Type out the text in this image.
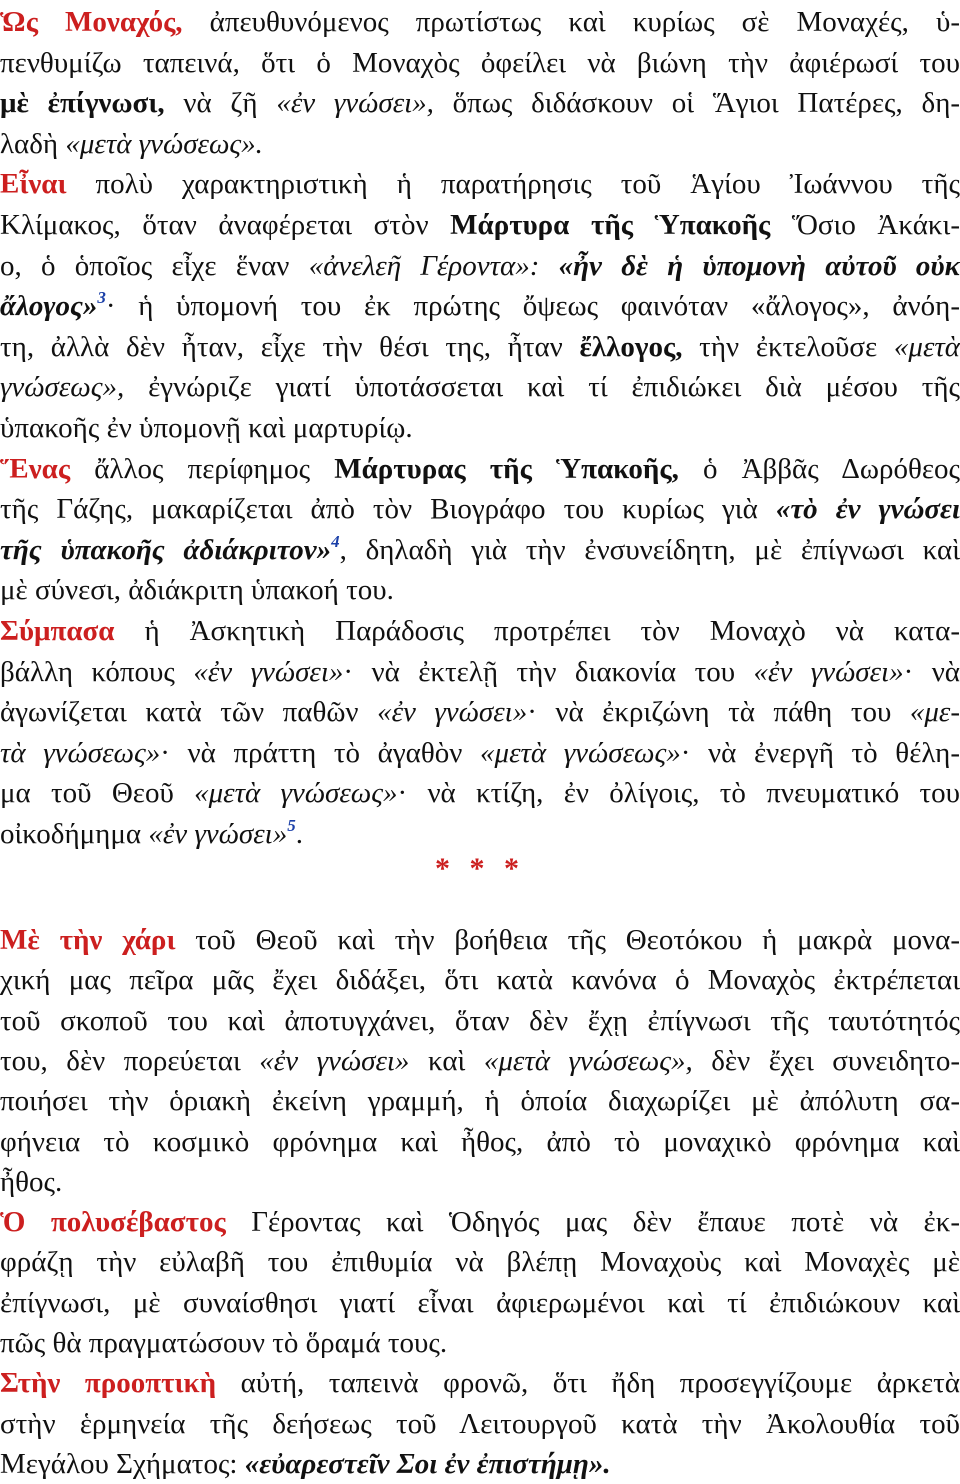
Ὡς Μοναχός, ἀπευθυνόμενος πρωτίστως καὶ κυρίως σὲ Μοναχές, ὑ-
πενθυμίζω ταπεινά, ὅτι ὁ Μοναχὸς ὀφείλει νὰ βιώνη τὴν ἀφιέρωσί του
μὲ ἐπίγνωσι, νὰ ζῆ «ἐν γνώσει», ὅπως διδάσκουν οἱ Ἅγιοι Πατέρες, δη-
λαδὴ «μετὰ γνώσεως».
Εἶναι πολὺ χαρακτηριστικὴ ἡ παρατήρησις τοῦ Ἁγίου Ἰωάννου τῆς
Κλίμακος, ὅταν ἀναφέρεται στὸν Μάρτυρα τῆς Ὑπακοῆς Ὅσιο Ἀκάκι-
ο, ὁ ὁποῖος εἶχε ἕναν «ἀνελεῆ Γέροντα»: «ἦν δὲ ἡ ὑπομονὴ αὐτοῦ οὐκ
ἄλογος»$^3$· ἡ ὑπομονή του ἐκ πρώτης ὄψεως φαινόταν «ἄλογος», ἀνόη-
τη, ἀλλὰ δὲν ἦταν, εἶχε τὴν θέσι της, ἦταν ἔλλογος, τὴν ἐκτελοῦσε «μετὰ
γνώσεως», ἐγνώριζε γιατί ὑποτάσσεται καὶ τί ἐπιδιώκει διὰ μέσου τῆς
ὑπακοῆς ἐν ὑπομονῇ καὶ μαρτυρίῳ.
Ἕνας ἄλλος περίφημος Μάρτυρας τῆς Ὑπακοῆς, ὁ Ἀββᾶς Δωρόθεος
τῆς Γάζης, μακαρίζεται ἀπὸ τὸν Βιογράφο του κυρίως γιὰ «τὸ ἐν γνώσει
τῆς ὑπακοῆς ἀδιάκριτον»$^4$, δηλαδὴ γιὰ τὴν ἐνσυνείδητη, μὲ ἐπίγνωσι καὶ
μὲ σύνεσι, ἀδιάκριτη ὑπακοή του.
Σύμπασα ἡ Ἀσκητικὴ Παράδοσις προτρέπει τὸν Μοναχὸ νὰ κατα-
βάλλη κόπους «ἐν γνώσει»· νὰ ἐκτελῇ τὴν διακονία του «ἐν γνώσει»· νὰ
ἀγωνίζεται κατὰ τῶν παθῶν «ἐν γνώσει»· νὰ ἐκριζώνη τὰ πάθη του «με-
τὰ γνώσεως»· νὰ πράττη τὸ ἀγαθὸν «μετὰ γνώσεως»· νὰ ἐνεργῆ τὸ θέλη-
μα τοῦ Θεοῦ «μετὰ γνώσεως»· νὰ κτίζη, ἐν ὀλίγοις, τὸ πνευματικό του
οἰκοδήμημα «ἐν γνώσει»$^5$.
Μὲ τὴν χάρι τοῦ Θεοῦ καὶ τὴν βοήθεια τῆς Θεοτόκου ἡ μακρὰ μονα-
χική μας πεῖρα μᾶς ἔχει διδάξει, ὅτι κατὰ κανόνα ὁ Μοναχὸς ἐκτρέπεται
τοῦ σκοποῦ του καὶ ἀποτυγχάνει, ὅταν δὲν ἔχῃ ἐπίγνωσι τῆς ταυτότητός
του, δὲν πορεύεται «ἐν γνώσει» καὶ «μετὰ γνώσεως», δὲν ἔχει συνειδητο-
ποιήσει τὴν ὁριακὴ ἐκείνη γραμμή, ἡ ὁποία διαχωρίζει μὲ ἀπόλυτη σα-
φήνεια τὸ κοσμικὸ φρόνημα καὶ ἦθος, ἀπὸ τὸ μοναχικὸ φρόνημα καὶ
ἦθος.
Ὁ πολυσέβαστος Γέροντας καὶ Ὁδηγός μας δὲν ἔπαυε ποτὲ νὰ ἐκ-
φράζῃ τὴν εὐλαβῆ του ἐπιθυμία νὰ βλέπῃ Μοναχοὺς καὶ Μοναχὲς μὲ
ἐπίγνωσι, μὲ συναίσθησι γιατί εἶναι ἀφιερωμένοι καὶ τί ἐπιδιώκουν καὶ
πῶς θὰ πραγματώσουν τὸ ὅραμά τους.
Στὴν προοπτικὴ αὐτή, ταπεινὰ φρονῶ, ὅτι ἤδη προσεγγίζουμε ἀρκετὰ
στὴν ἑρμηνεία τῆς δεήσεως τοῦ Λειτουργοῦ κατὰ τὴν Ἀκολουθία τοῦ
Μεγάλου Σχήματος: «εὐαρεστεῖν Σοι ἐν ἐπιστήμῃ».
* * *
